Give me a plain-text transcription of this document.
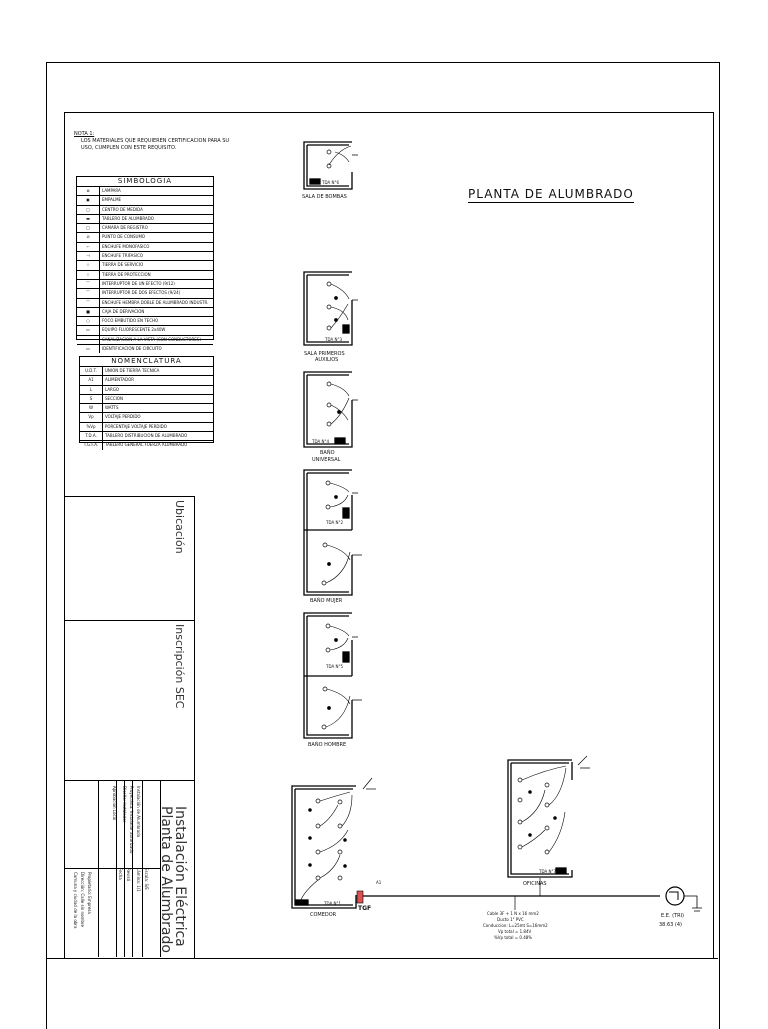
NOTA 1:
LOS MATERIALES QUE REQUIEREN CERTIFICACION PARA SU
USO, CUMPLEN CON ESTE REQUISITO.
SIMBOLOGIA
⊗	LAMPARA
▣	EMPALME
▢	CENTRO DE MEDIDA
▬	TABLERO DE ALUMBRADO
□	CAMARA DE REGISTRO
⊘	PUNTO DE CONSUMO
⌐	ENCHUFE MONOFASICO
⊣	ENCHUFE TRIFASICO
⏚	TIERRA DE SERVICIO
⏚	TIERRA DE PROTECCION
⌒	INTERRUPTOR DE UN EFECTO (9/12)
⌒	INTERRUPTOR DE DOS EFECTOS (9/24)
⌒	ENCHUFE HEMBRA DOBLE DE ALUMBRADO INDUSTR.
■	CAJA DE DERIVACION
○	FOCO EMBUTIDO EN TECHO
▭	EQUIPO FLUORESCENTE 2x40W
—	CANALIZACION A LA VISTA (CON CONDUCTORES)
▭	IDENTIFICACION DE CIRCUITO
NOMENCLATURA
U.D.T.	UNION DE TIERRA TECNICA
A1	ALIMENTADOR
L	LARGO
S	SECCION
W	WATTS
Vp	VOLTAJE PERDIDO
%Vp	PORCENTAJE VOLTAJE PERDIDO
T.D.A.	TABLERO DISTRIBUCION DE ALUMBRADO
T.G.F.A.	TABLERO GENERAL FUERZA ALUMBRADO
Ubicación
Inscripción SEC
Instalación Eléctrica
Planta de Alumbrado
Instalación de Alumbrado
Proyectista: Instalador autorizado
Diseño: Instalador
Aprobación Local
Escala: S/E
Lámina: 1/1
Revisó
Fecha
Propietario: Empresa
Dirección: Calle sin nombre
Comuna y ciudad de la obra
PLANTA DE ALUMBRADO
TDA N°6
SALA DE BOMBAS
TDA N°3
SALA PRIMEROS
AUXILIOS
TDA N°4
BAÑO
UNIVERSAL
TDA N°2
BAÑO MUJER
TDA N°5
BAÑO HOMBRE
TDA N°1
COMEDOR
TDA N°7
OFICINAS
TGF
A1
Cable 3F + 1 N x 16 mm2
Ducto 1" PVC
Conduccion: L=25mt S=16mm2
Vp total = 1.84V
%Vp total = 0.48%
E.E. (TRI)
38.63 (4)
